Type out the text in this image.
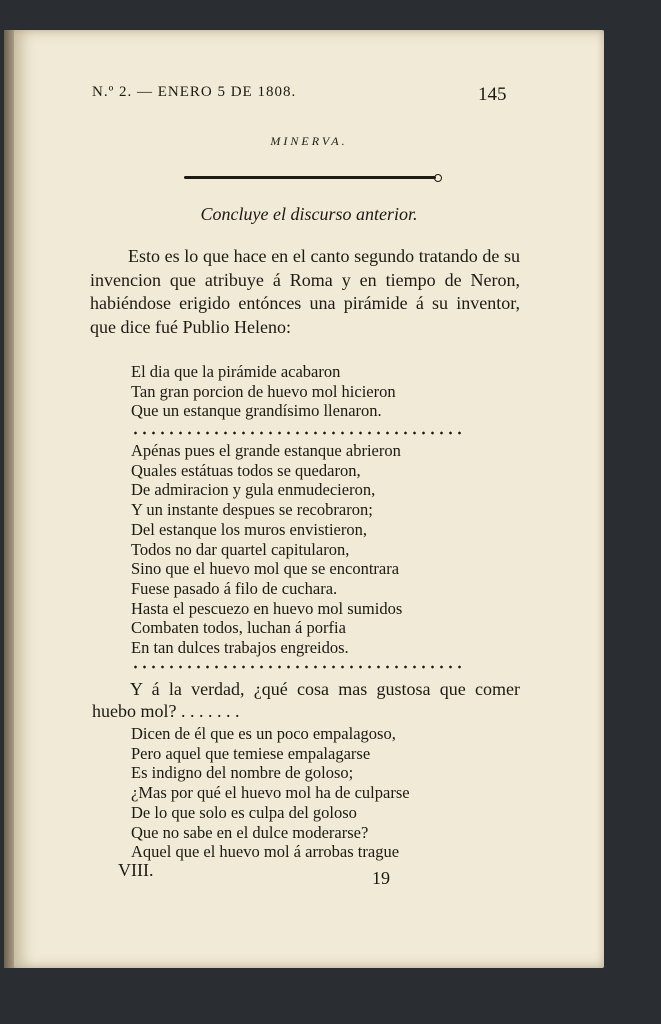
N.º 2. — ENERO 5 DE 1808.	145
MINERVA.
Concluye el discurso anterior.

Esto es lo que hace en el canto segundo tratando de su invencion que atribuye á Roma y en tiempo de Neron, habiéndose erigido entónces una pirámide á su inventor, que dice fué Publio Heleno:

El dia que la pirámide acabaron
Tan gran porcion de huevo mol hicieron
Que un estanque grandísimo llenaron.
Apénas pues el grande estanque abrieron
Quales estátuas todos se quedaron,
De admiracion y gula enmudecieron,
Y un instante despues se recobraron;
Del estanque los muros envistieron,
Todos no dar quartel capitularon,
Sino que el huevo mol que se encontrara
Fuese pasado á filo de cuchara.
Hasta el pescuezo en huevo mol sumidos
Combaten todos, luchan á porfia
En tan dulces trabajos engreidos.

Y á la verdad, ¿qué cosa mas gustosa que comer huebo mol? . . . . . . .

Dicen de él que es un poco empalagoso,
Pero aquel que temiese empalagarse
Es indigno del nombre de goloso;
¿Mas por qué el huevo mol ha de culparse
De lo que solo es culpa del goloso
Que no sabe en el dulce moderarse?
Aquel que el huevo mol á arrobas trague
VIII.	19
